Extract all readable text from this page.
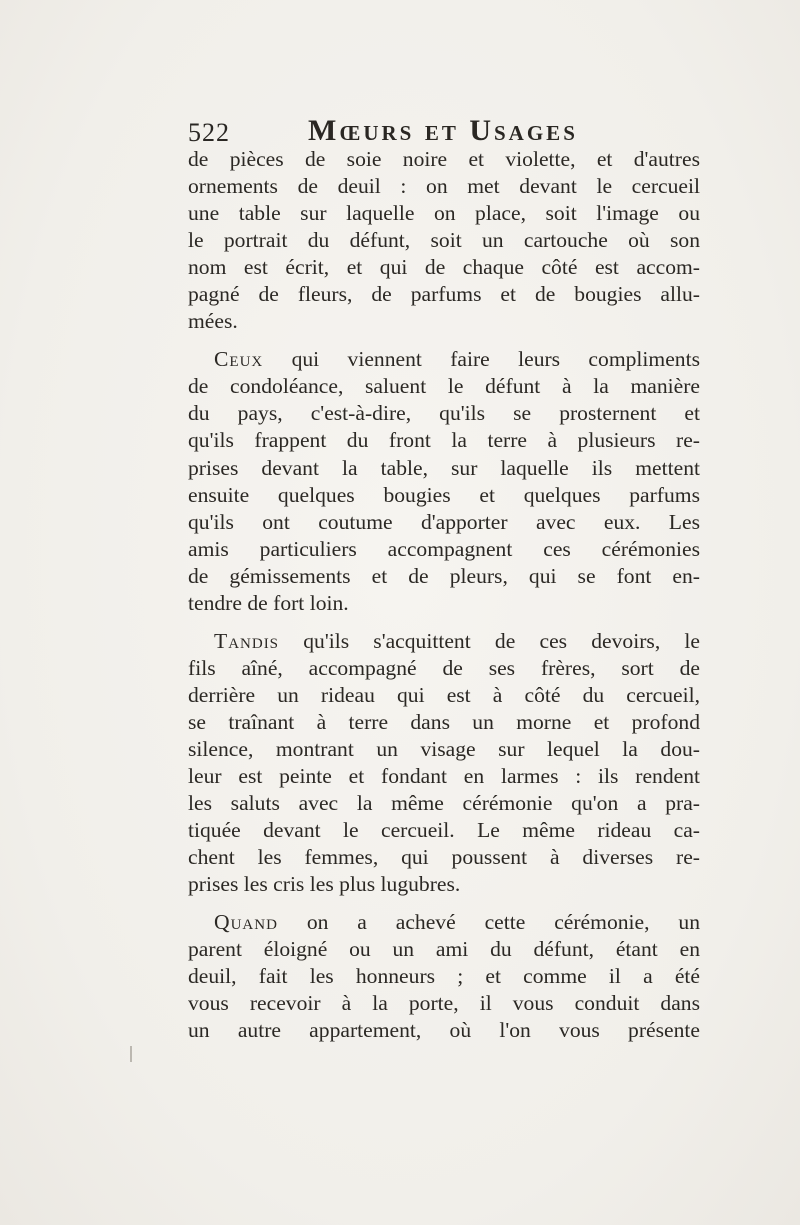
522	Mœurs et Usages
de pièces de soie noire et violette, et d'autres
ornements de deuil : on met devant le cercueil
une table sur laquelle on place, soit l'image ou
le portrait du défunt, soit un cartouche où son
nom est écrit, et qui de chaque côté est accom-
pagné de fleurs, de parfums et de bougies allu-
mées.
Ceux qui viennent faire leurs compliments
de condoléance, saluent le défunt à la manière
du pays, c'est-à-dire, qu'ils se prosternent et
qu'ils frappent du front la terre à plusieurs re-
prises devant la table, sur laquelle ils mettent
ensuite quelques bougies et quelques parfums
qu'ils ont coutume d'apporter avec eux. Les
amis particuliers accompagnent ces cérémonies
de gémissements et de pleurs, qui se font en-
tendre de fort loin.
Tandis qu'ils s'acquittent de ces devoirs, le
fils aîné, accompagné de ses frères, sort de
derrière un rideau qui est à côté du cercueil,
se traînant à terre dans un morne et profond
silence, montrant un visage sur lequel la dou-
leur est peinte et fondant en larmes : ils rendent
les saluts avec la même cérémonie qu'on a pra-
tiquée devant le cercueil. Le même rideau ca-
chent les femmes, qui poussent à diverses re-
prises les cris les plus lugubres.
Quand on a achevé cette cérémonie, un
parent éloigné ou un ami du défunt, étant en
deuil, fait les honneurs ; et comme il a été
vous recevoir à la porte, il vous conduit dans
un autre appartement, où l'on vous présente
